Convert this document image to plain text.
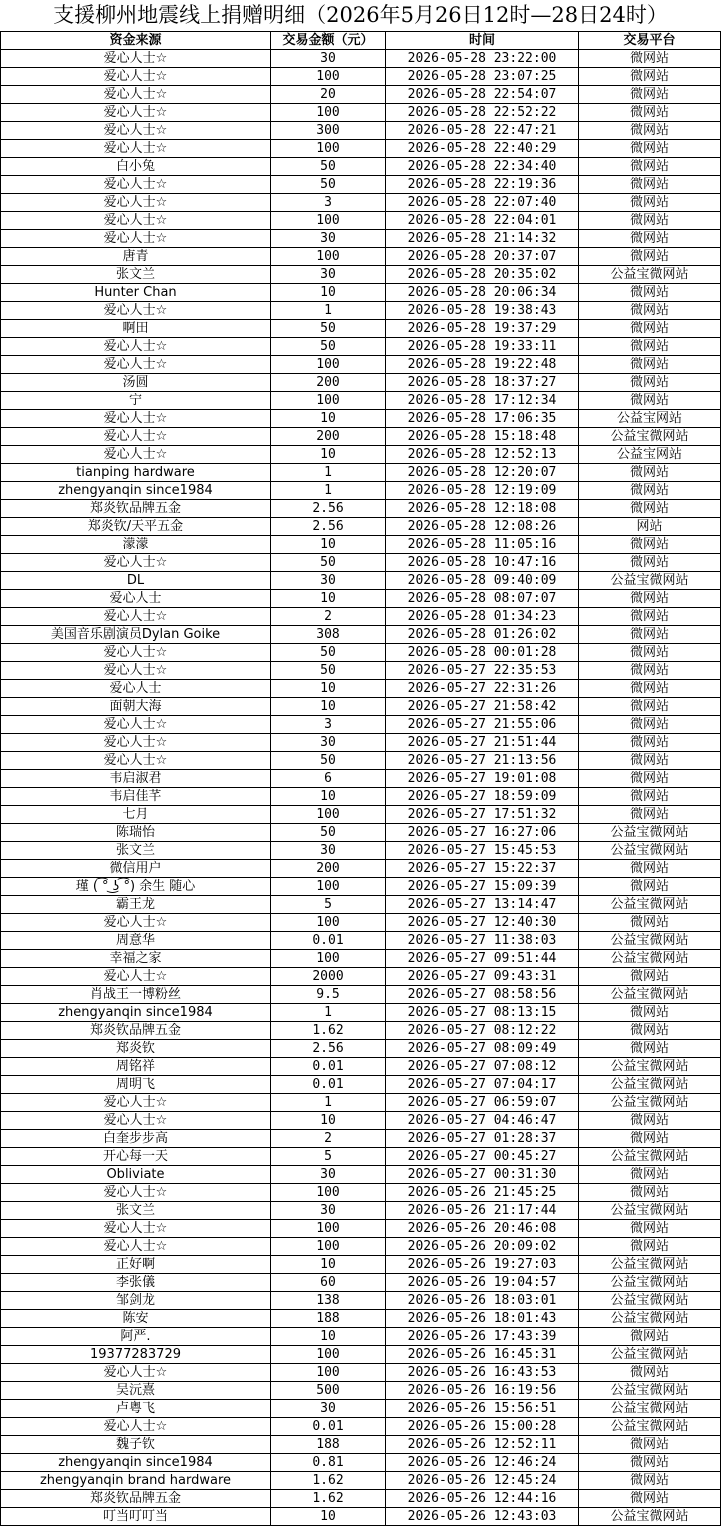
支援柳州地震线上捐赠明细（2026年5月26日12时—28日24时）
资金来源	交易金额（元）	时间	交易平台
爱心人士☆	30	2026-05-28 23:22:00	微网站
爱心人士☆	100	2026-05-28 23:07:25	微网站
爱心人士☆	20	2026-05-28 22:54:07	微网站
爱心人士☆	100	2026-05-28 22:52:22	微网站
爱心人士☆	300	2026-05-28 22:47:21	微网站
爱心人士☆	100	2026-05-28 22:40:29	微网站
白小兔	50	2026-05-28 22:34:40	微网站
爱心人士☆	50	2026-05-28 22:19:36	微网站
爱心人士☆	3	2026-05-28 22:07:40	微网站
爱心人士☆	100	2026-05-28 22:04:01	微网站
爱心人士☆	30	2026-05-28 21:14:32	微网站
唐青	100	2026-05-28 20:37:07	微网站
张文兰	30	2026-05-28 20:35:02	公益宝微网站
Hunter Chan	10	2026-05-28 20:06:34	微网站
爱心人士☆	1	2026-05-28 19:38:43	微网站
啊田	50	2026-05-28 19:37:29	微网站
爱心人士☆	50	2026-05-28 19:33:11	微网站
爱心人士☆	100	2026-05-28 19:22:48	微网站
汤圆	200	2026-05-28 18:37:27	微网站
宁	100	2026-05-28 17:12:34	微网站
爱心人士☆	10	2026-05-28 17:06:35	公益宝网站
爱心人士☆	200	2026-05-28 15:18:48	公益宝微网站
爱心人士☆	10	2026-05-28 12:52:13	公益宝网站
tianping hardware	1	2026-05-28 12:20:07	微网站
zhengyanqin since1984	1	2026-05-28 12:19:09	微网站
郑炎钦品牌五金	2.56	2026-05-28 12:18:08	微网站
郑炎钦/天平五金	2.56	2026-05-28 12:08:26	网站
濛濛	10	2026-05-28 11:05:16	微网站
爱心人士☆	50	2026-05-28 10:47:16	微网站
DL	30	2026-05-28 09:40:09	公益宝微网站
爱心人士	10	2026-05-28 08:07:07	微网站
爱心人士☆	2	2026-05-28 01:34:23	微网站
美国音乐剧演员Dylan Goike	308	2026-05-28 01:26:02	微网站
爱心人士☆	50	2026-05-28 00:01:28	微网站
爱心人士☆	50	2026-05-27 22:35:53	微网站
爱心人士	10	2026-05-27 22:31:26	微网站
面朝大海	10	2026-05-27 21:58:42	微网站
爱心人士☆	3	2026-05-27 21:55:06	微网站
爱心人士☆	30	2026-05-27 21:51:44	微网站
爱心人士☆	50	2026-05-27 21:13:56	微网站
韦启淑君	6	2026-05-27 19:01:08	微网站
韦启佳芊	10	2026-05-27 18:59:09	微网站
七月	100	2026-05-27 17:51:32	微网站
陈瑞怡	50	2026-05-27 16:27:06	公益宝微网站
张文兰	30	2026-05-27 15:45:53	公益宝微网站
微信用户	200	2026-05-27 15:22:37	微网站
瑾 ( ͡° ͜ʖ ͡°) 余生 随心	100	2026-05-27 15:09:39	微网站
霸王龙	5	2026-05-27 13:14:47	公益宝微网站
爱心人士☆	100	2026-05-27 12:40:30	微网站
周意华	0.01	2026-05-27 11:38:03	公益宝微网站
幸福之家	100	2026-05-27 09:51:44	公益宝微网站
爱心人士☆	2000	2026-05-27 09:43:31	微网站
肖战王一博粉丝	9.5	2026-05-27 08:58:56	公益宝微网站
zhengyanqin since1984	1	2026-05-27 08:13:15	微网站
郑炎钦品牌五金	1.62	2026-05-27 08:12:22	微网站
郑炎钦	2.56	2026-05-27 08:09:49	微网站
周铭祥	0.01	2026-05-27 07:08:12	公益宝微网站
周明飞	0.01	2026-05-27 07:04:17	公益宝微网站
爱心人士☆	1	2026-05-27 06:59:07	公益宝微网站
爱心人士☆	10	2026-05-27 04:46:47	微网站
白奎步步高	2	2026-05-27 01:28:37	微网站
开心每一天	5	2026-05-27 00:45:27	公益宝微网站
Obliviate	30	2026-05-27 00:31:30	微网站
爱心人士☆	100	2026-05-26 21:45:25	微网站
张文兰	30	2026-05-26 21:17:44	公益宝微网站
爱心人士☆	100	2026-05-26 20:46:08	微网站
爱心人士☆	100	2026-05-26 20:09:02	微网站
正好啊	10	2026-05-26 19:27:03	公益宝微网站
李张儀	60	2026-05-26 19:04:57	公益宝微网站
邹剑龙	138	2026-05-26 18:03:01	公益宝微网站
陈安	188	2026-05-26 18:01:43	公益宝微网站
阿严.	10	2026-05-26 17:43:39	微网站
19377283729	100	2026-05-26 16:45:31	公益宝微网站
爱心人士☆	100	2026-05-26 16:43:53	微网站
吴沅熹	500	2026-05-26 16:19:56	公益宝微网站
卢粤飞	30	2026-05-26 15:56:51	公益宝微网站
爱心人士☆	0.01	2026-05-26 15:00:28	公益宝微网站
魏子钦	188	2026-05-26 12:52:11	微网站
zhengyanqin since1984	0.81	2026-05-26 12:46:24	微网站
zhengyanqin brand hardware	1.62	2026-05-26 12:45:24	微网站
郑炎钦品牌五金	1.62	2026-05-26 12:44:16	微网站
叮当叮叮当	10	2026-05-26 12:43:03	公益宝微网站
